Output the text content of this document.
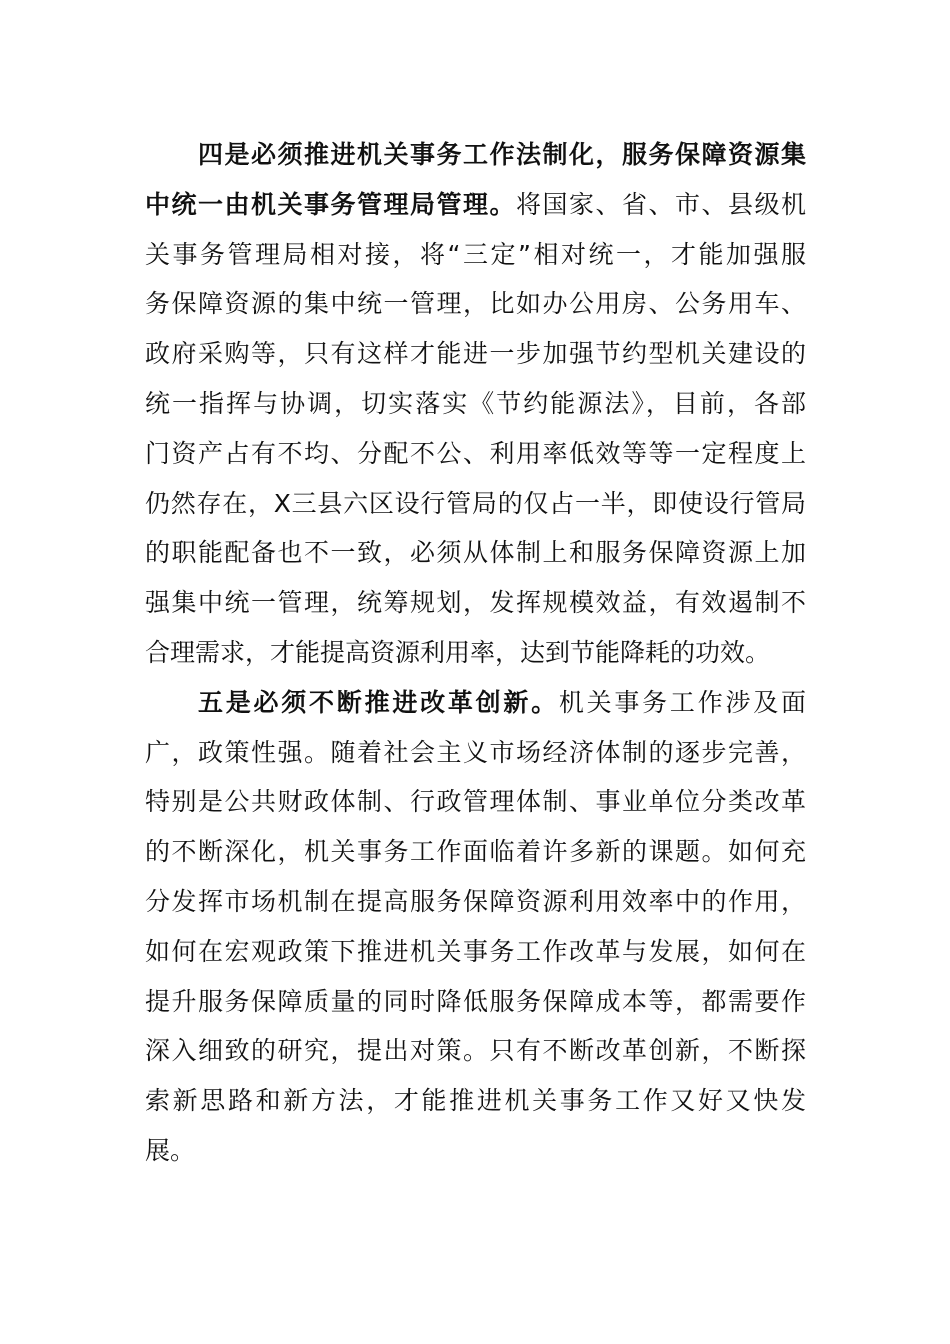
四是必须推进机关事务工作法制化，服务保障资源集
中统一由机关事务管理局管理。将国家、省、市、县级机
关事务管理局相对接，将“三定”相对统一，才能加强服
务保障资源的集中统一管理，比如办公用房、公务用车、
政府采购等，只有这样才能进一步加强节约型机关建设的
统一指挥与协调，切实落实《节约能源法》，目前，各部
门资产占有不均、分配不公、利用率低效等等一定程度上
仍然存在，X三县六区设行管局的仅占一半，即使设行管局
的职能配备也不一致，必须从体制上和服务保障资源上加
强集中统一管理，统筹规划，发挥规模效益，有效遏制不
合理需求，才能提高资源利用率，达到节能降耗的功效。
五是必须不断推进改革创新。机关事务工作涉及面
广，政策性强。随着社会主义市场经济体制的逐步完善，
特别是公共财政体制、行政管理体制、事业单位分类改革
的不断深化，机关事务工作面临着许多新的课题。如何充
分发挥市场机制在提高服务保障资源利用效率中的作用，
如何在宏观政策下推进机关事务工作改革与发展，如何在
提升服务保障质量的同时降低服务保障成本等，都需要作
深入细致的研究，提出对策。只有不断改革创新，不断探
索新思路和新方法，才能推进机关事务工作又好又快发
展。
